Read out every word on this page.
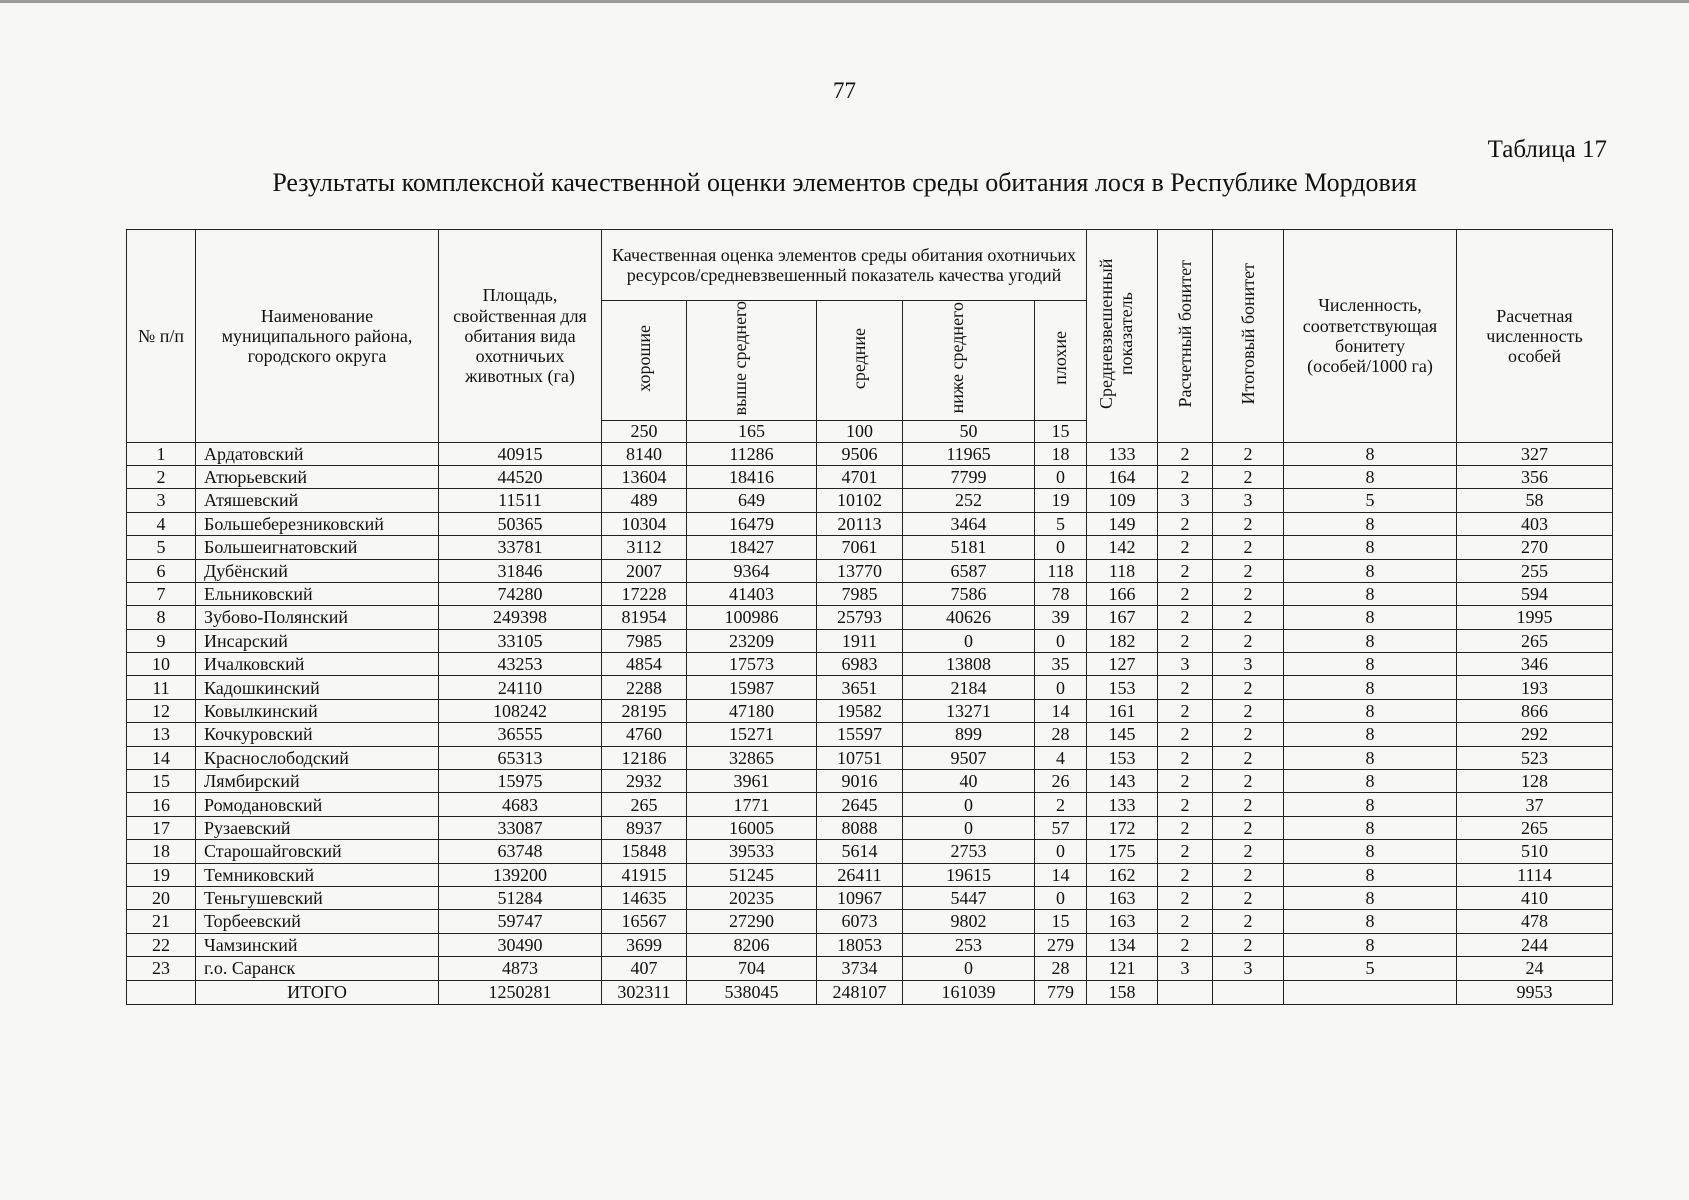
77
Таблица 17
Результаты комплексной качественной оценки элементов среды обитания лося в Республике Мордовия
№ п/п	Наименование муниципального района, городского округа	Площадь, свойственная для обитания вида охотничьих животных (га)	Качественная оценка элементов среды обитания охотничьих ресурсов/средневзвешенный показатель качества угодий					Средневзвешенный показатель	Расчетный бонитет	Итоговый бонитет	Численность, соответствующая бонитету (особей/1000 га)	Расчетная численность особей
			хорошие	выше среднего	средние	ниже среднего	плохие					
			250	165	100	50	15					
1	Ардатовский	40915	8140	11286	9506	11965	18	133	2	2	8	327
2	Атюрьевский	44520	13604	18416	4701	7799	0	164	2	2	8	356
3	Атяшевский	11511	489	649	10102	252	19	109	3	3	5	58
4	Большеберезниковский	50365	10304	16479	20113	3464	5	149	2	2	8	403
5	Большеигнатовский	33781	3112	18427	7061	5181	0	142	2	2	8	270
6	Дубёнский	31846	2007	9364	13770	6587	118	118	2	2	8	255
7	Ельниковский	74280	17228	41403	7985	7586	78	166	2	2	8	594
8	Зубово-Полянский	249398	81954	100986	25793	40626	39	167	2	2	8	1995
9	Инсарский	33105	7985	23209	1911	0	0	182	2	2	8	265
10	Ичалковский	43253	4854	17573	6983	13808	35	127	3	3	8	346
11	Кадошкинский	24110	2288	15987	3651	2184	0	153	2	2	8	193
12	Ковылкинский	108242	28195	47180	19582	13271	14	161	2	2	8	866
13	Кочкуровский	36555	4760	15271	15597	899	28	145	2	2	8	292
14	Краснослободский	65313	12186	32865	10751	9507	4	153	2	2	8	523
15	Лямбирский	15975	2932	3961	9016	40	26	143	2	2	8	128
16	Ромодановский	4683	265	1771	2645	0	2	133	2	2	8	37
17	Рузаевский	33087	8937	16005	8088	0	57	172	2	2	8	265
18	Старошайговский	63748	15848	39533	5614	2753	0	175	2	2	8	510
19	Темниковский	139200	41915	51245	26411	19615	14	162	2	2	8	1114
20	Теньгушевский	51284	14635	20235	10967	5447	0	163	2	2	8	410
21	Торбеевский	59747	16567	27290	6073	9802	15	163	2	2	8	478
22	Чамзинский	30490	3699	8206	18053	253	279	134	2	2	8	244
23	г.о. Саранск	4873	407	704	3734	0	28	121	3	3	5	24
	ИТОГО	1250281	302311	538045	248107	161039	779	158				9953
